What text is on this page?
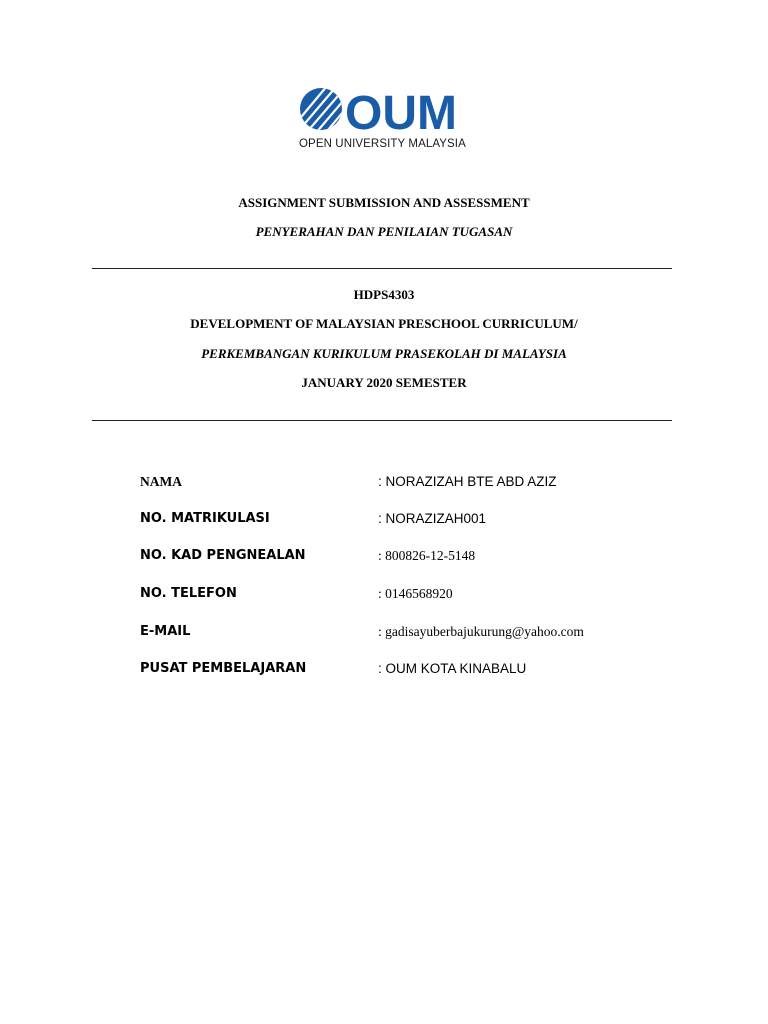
OUM
OPEN UNIVERSITY MALAYSIA
ASSIGNMENT SUBMISSION AND ASSESSMENT
PENYERAHAN DAN PENILAIAN TUGASAN
HDPS4303
DEVELOPMENT OF MALAYSIAN PRESCHOOL CURRICULUM/
PERKEMBANGAN KURIKULUM PRASEKOLAH DI MALAYSIA
JANUARY 2020 SEMESTER
NAMA	: NORAZIZAH BTE ABD AZIZ
NO. MATRIKULASI	: NORAZIZAH001
NO. KAD PENGNEALAN	: 800826-12-5148
NO. TELEFON	: 0146568920
E-MAIL	: gadisayuberbajukurung@yahoo.com
PUSAT PEMBELAJARAN	: OUM KOTA KINABALU
